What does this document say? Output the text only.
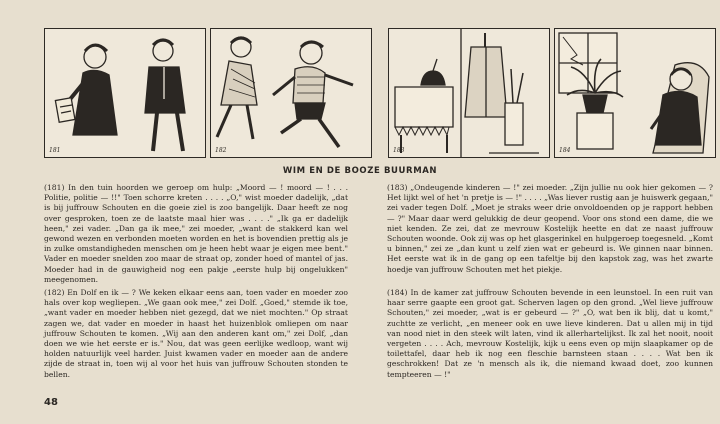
181	182	183	184
WIM EN DE BOOZE BUURMAN

(181) In den tuin hoorden we geroep om hulp: „Moord — ! moord — ! . . . Politie, politie — !!" Toen schorre kreten . . . . „O," wist moeder dadelijk, „dat is bij juffrouw Schouten en die goeie ziel is zoo bangelijk. Daar heeft ze nog over gesproken, toen ze de laatste maal hier was . . . ." „Ik ga er dadelijk heen," zei vader. „Dan ga ik mee," zei moeder, „want de stakkerd kan wel gewond wezen en verbonden moeten worden en het is bovendien prettig als je in zulke omstandigheden menschen om je heen hebt waar je eigen mee bent." Vader en moeder snelden zoo maar de straat op, zonder hoed of mantel of jas. Moeder had in de gauwigheid nog een pakje „eerste hulp bij ongelukken" meegenomen.

(182) En Dolf en ik — ? We keken elkaar eens aan, toen vader en moeder zoo hals over kop wegliepen. „We gaan ook mee," zei Dolf. „Goed," stemde ik toe, „want vader en moeder hebben niet gezegd, dat we niet mochten." Op straat zagen we, dat vader en moeder in haast het huizenblok omliepen om naar juffrouw Schouten te komen. „Wij aan den anderen kant om," zei Dolf, „dan doen we wie het eerste er is." Nou, dat was geen eerlijke wedloop, want wij holden natuurlijk veel harder. Juist kwamen vader en moeder aan de andere zijde de straat in, toen wij al voor het huis van juffrouw Schouten stonden te bellen.

(183) „Ondeugende kinderen — !" zei moeder. „Zijn jullie nu ook hier gekomen — ? Het lijkt wel of het 'n pretje is — !" . . . . „Was liever rustig aan je huiswerk gegaan," zei vader tegen Dolf. „Moet je straks weer drie onvoldoenden op je rapport hebben — ?" Maar daar werd gelukkig de deur geopend. Voor ons stond een dame, die we niet kenden. Ze zei, dat ze mevrouw Kostelijk heette en dat ze naast juffrouw Schouten woonde. Ook zij was op het glasgerinkel en hulpgeroep toegesneld. „Komt u binnen," zei ze „dan kunt u zelf zien wat er gebeurd is. We ginnen naar binnen. Het eerste wat ik in de gang op een tafeltje bij den kapstok zag, was het zwarte hoedje van juffrouw Schouten met het piekje.

(184) In de kamer zat juffrouw Schouten bevende in een leunstoel. In een ruit van haar serre gaapte een groot gat. Scherven lagen op den grond. „Wel lieve juffrouw Schouten," zei moeder, „wat is er gebeurd — ?" „O, wat ben ik blij, dat u komt," zuchtte ze verlicht, „en meneer ook en uwe lieve kinderen. Dat u allen mij in tijd van nood niet in den steek wilt laten, vind ik allerhartelijkst. Ik zal het nooit, nooit vergeten . . . . Ach, mevrouw Kostelijk, kijk u eens even op mijn slaapkamer op de toilettafel, daar heb ik nog een fleschie barnsteen staan . . . . Wat ben ik geschrokken! Dat ze 'n mensch als ik, die niemand kwaad doet, zoo kunnen tempteeren — !"

48
